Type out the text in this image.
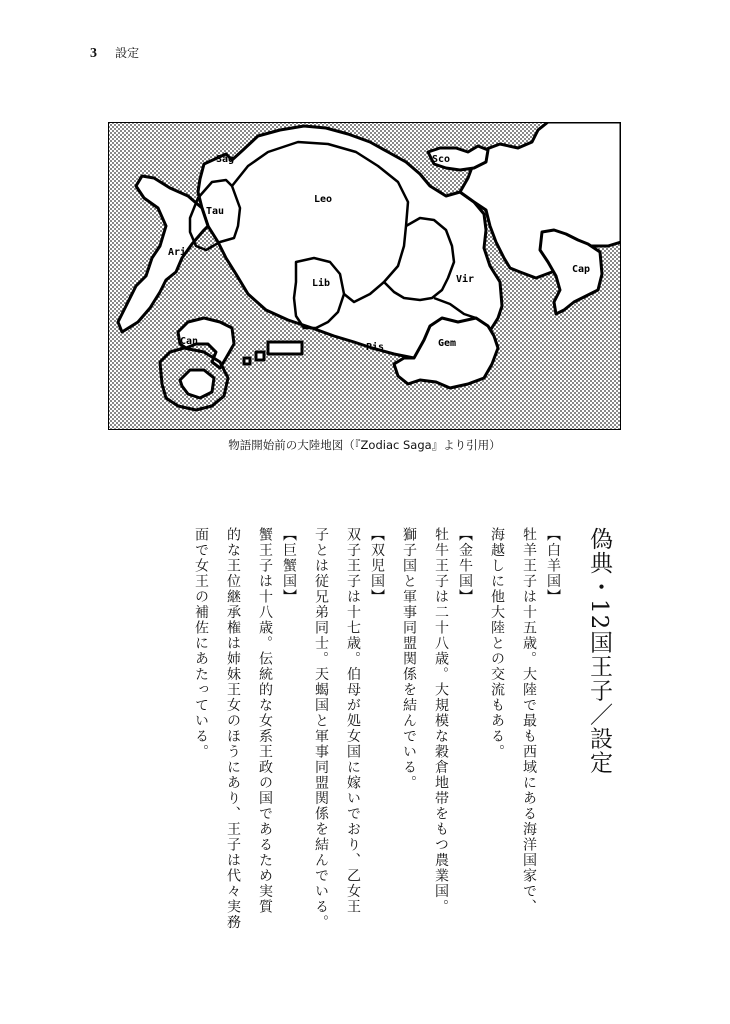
3 設定
Sag	Sco
Leo
Tau
Ari
Cap
Vir
Lib
Can
Pis	Gem
物語開始前の大陸地図（『Zodiac Saga』より引用）
偽典・12国王子／設定
【白羊国】
牡羊王子は十五歳。大陸で最も西域にある海洋国家で、
海越しに他大陸との交流もある。
【金牛国】
牡牛王子は二十八歳。大規模な穀倉地帯をもつ農業国。
獅子国と軍事同盟関係を結んでいる。
【双児国】
双子王子は十七歳。伯母が処女国に嫁いでおり、乙女王
子とは従兄弟同士。天蝎国と軍事同盟関係を結んでいる。
【巨蟹国】
蟹王子は十八歳。伝統的な女系王政の国であるため実質
的な王位継承権は姉妹王女のほうにあり、王子は代々実務
面で女王の補佐にあたっている。
